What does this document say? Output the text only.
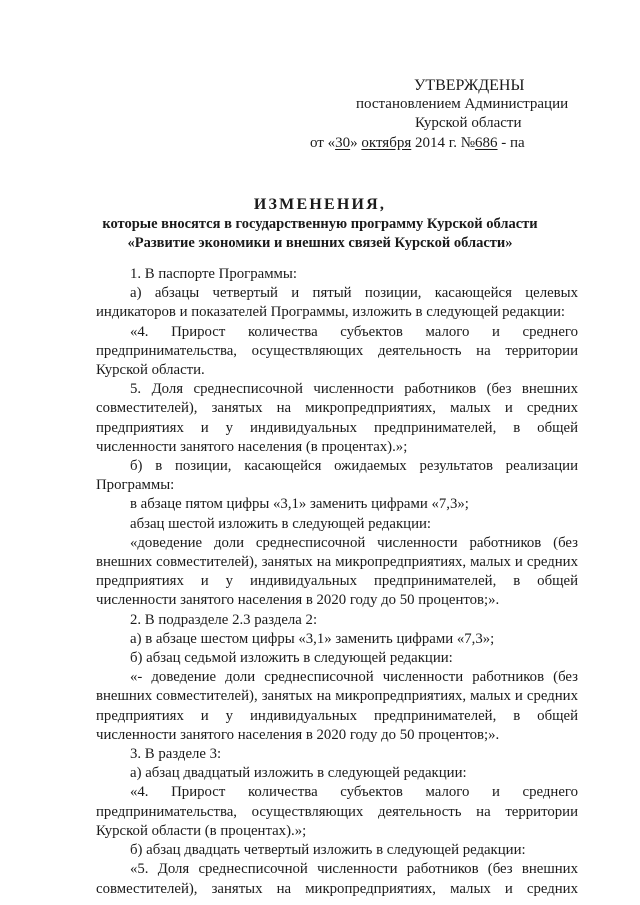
УТВЕРЖДЕНЫ
постановлением Администрации
Курской области
от «30» октября 2014 г. №686 - па
ИЗМЕНЕНИЯ,
которые вносятся в государственную программу Курской области
«Развитие экономики и внешних связей Курской области»

1. В паспорте Программы:

а) абзацы четвертый и пятый позиции, касающейся целевых индикаторов и показателей Программы, изложить в следующей редакции:

«4. Прирост количества субъектов малого и среднего предпринимательства, осуществляющих деятельность на территории Курской области.

5. Доля среднесписочной численности работников (без внешних совместителей), занятых на микропредприятиях, малых и средних предприятиях и у индивидуальных предпринимателей, в общей численности занятого населения (в процентах).»;

б) в позиции, касающейся ожидаемых результатов реализации Программы:

в абзаце пятом цифры «3,1» заменить цифрами «7,3»;

абзац шестой изложить в следующей редакции:

«доведение доли среднесписочной численности работников (без внешних совместителей), занятых на микропредприятиях, малых и средних предприятиях и у индивидуальных предпринимателей, в общей численности занятого населения в 2020 году до 50 процентов;».

2. В подразделе 2.3 раздела 2:

а) в абзаце шестом цифры «3,1» заменить цифрами «7,3»;

б) абзац седьмой изложить в следующей редакции:

«- доведение доли среднесписочной численности работников (без внешних совместителей), занятых на микропредприятиях, малых и средних предприятиях и у индивидуальных предпринимателей, в общей численности занятого населения в 2020 году до 50 процентов;».

3. В разделе 3:

а) абзац двадцатый изложить в следующей редакции:

«4. Прирост количества субъектов малого и среднего предпринимательства, осуществляющих деятельность на территории Курской области (в процентах).»;

б) абзац двадцать четвертый изложить в следующей редакции:

«5. Доля среднесписочной численности работников (без внешних совместителей), занятых на микропредприятиях, малых и средних
